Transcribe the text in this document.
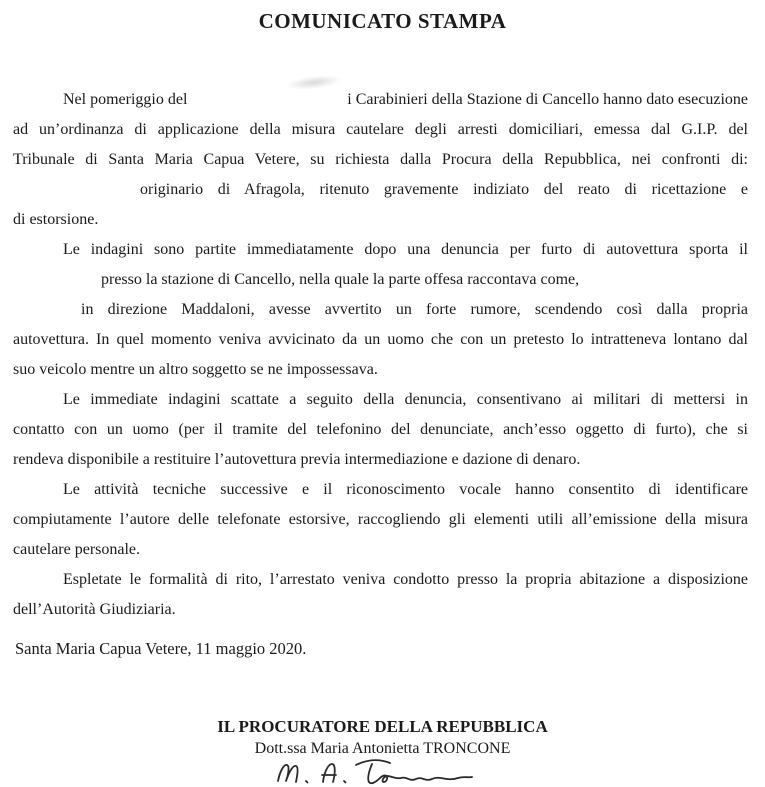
COMUNICATO STAMPA
Nel pomeriggio del	i Carabinieri della Stazione di Cancello hanno dato esecuzione
ad un’ordinanza di applicazione della misura cautelare degli arresti domiciliari, emessa dal G.I.P. del
Tribunale di Santa Maria Capua Vetere, su richiesta dalla Procura della Repubblica, nei confronti di:
originario di Afragola, ritenuto gravemente indiziato del reato di ricettazione e
di estorsione.
Le indagini sono partite immediatamente dopo una denuncia per furto di autovettura sporta il
presso la stazione di Cancello, nella quale la parte offesa raccontava come,
in direzione Maddaloni, avesse avvertito un forte rumore, scendendo così dalla propria
autovettura. In quel momento veniva avvicinato da un uomo che con un pretesto lo intratteneva lontano dal
suo veicolo mentre un altro soggetto se ne impossessava.
Le immediate indagini scattate a seguito della denuncia, consentivano ai militari di mettersi in
contatto con un uomo (per il tramite del telefonino del denunciate, anch’esso oggetto di furto), che si
rendeva disponibile a restituire l’autovettura previa intermediazione e dazione di denaro.
Le attività tecniche successive e il riconoscimento vocale hanno consentito di identificare
compiutamente l’autore delle telefonate estorsive, raccogliendo gli elementi utili all’emissione della misura
cautelare personale.
Espletate le formalità di rito, l’arrestato veniva condotto presso la propria abitazione a disposizione
dell’Autorità Giudiziaria.
Santa Maria Capua Vetere, 11 maggio 2020.
IL PROCURATORE DELLA REPUBBLICA
Dott.ssa Maria Antonietta TRONCONE
